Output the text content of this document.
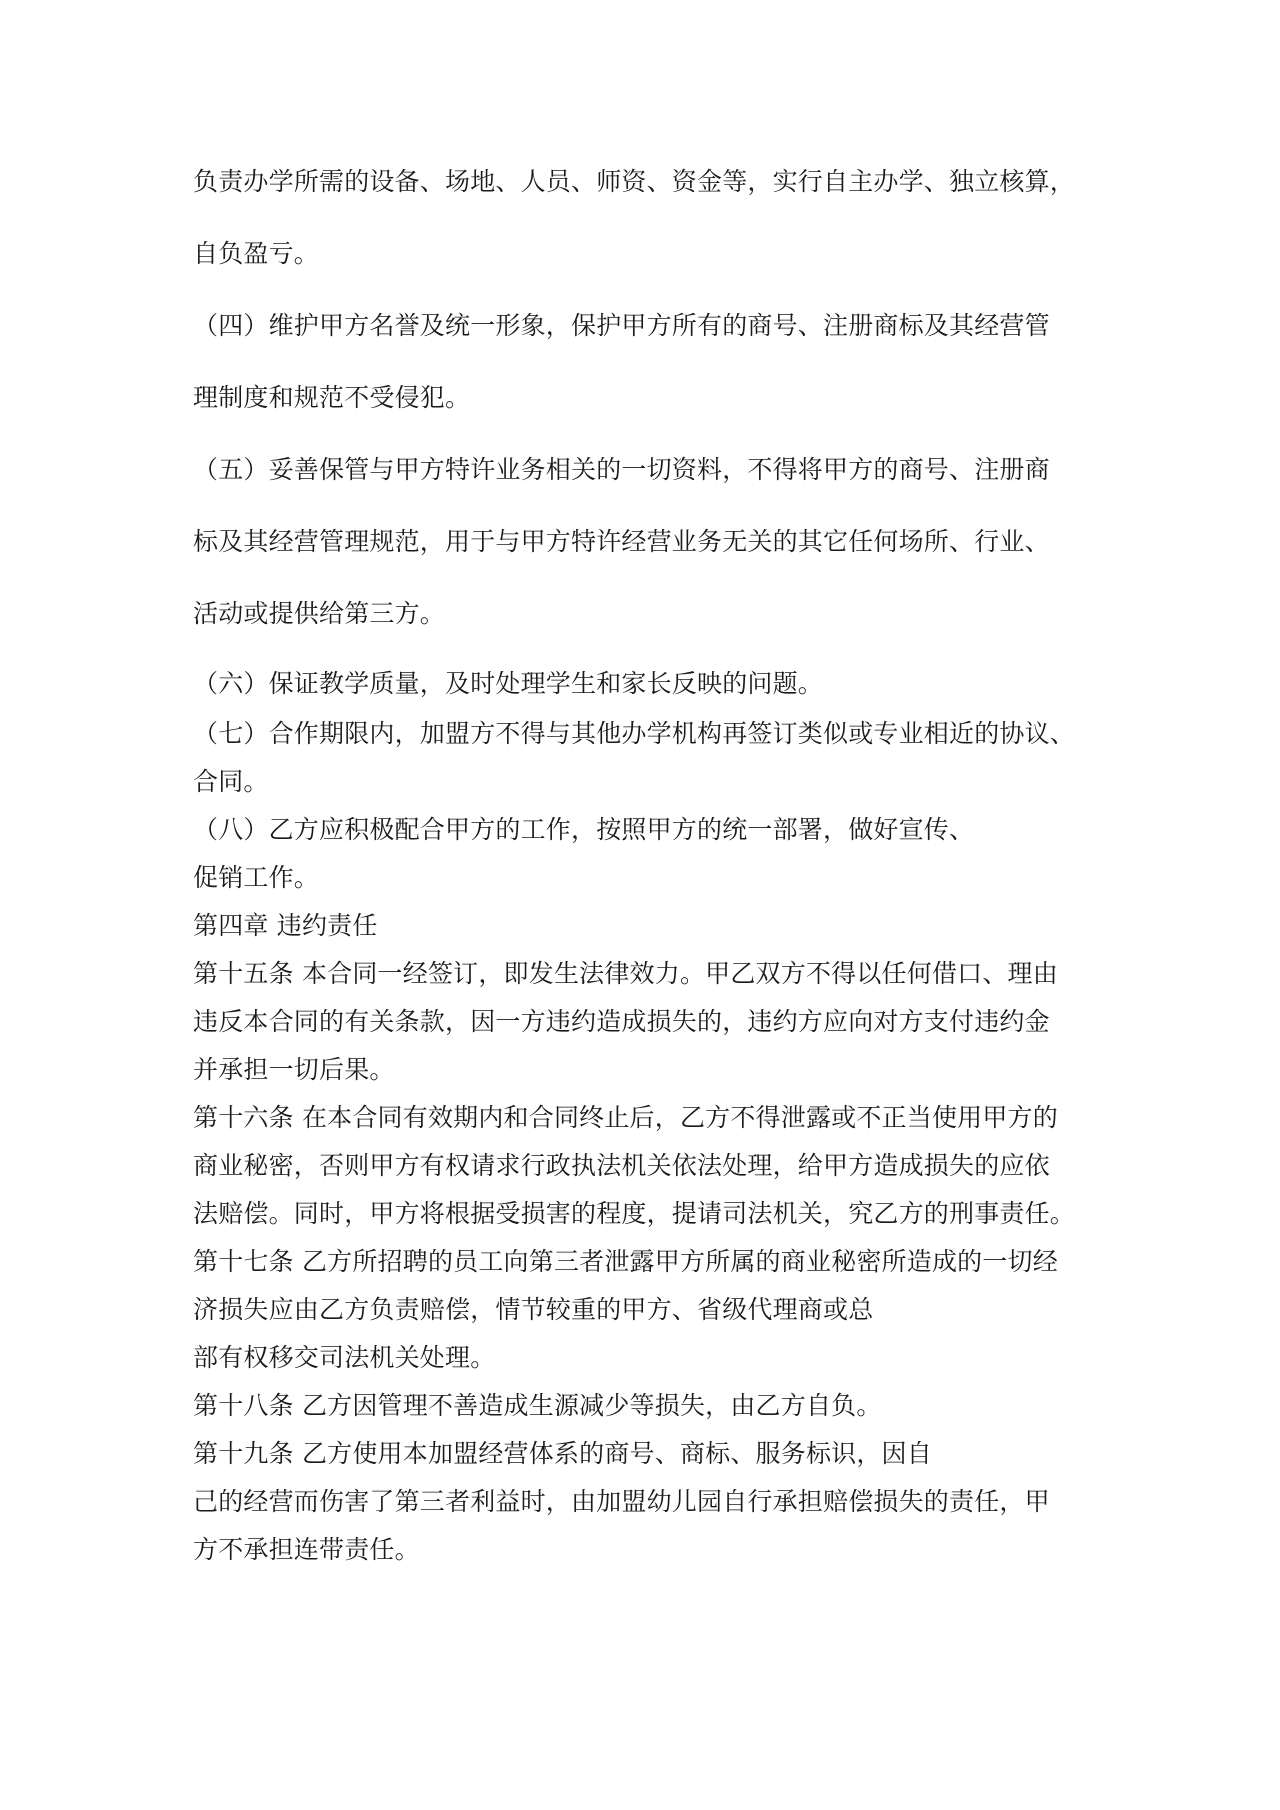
负责办学所需的设备、场地、人员、师资、资金等，实行自主办学、独立核算，
自负盈亏。
（四）维护甲方名誉及统一形象，保护甲方所有的商号、注册商标及其经营管
理制度和规范不受侵犯。
（五）妥善保管与甲方特许业务相关的一切资料，不得将甲方的商号、注册商
标及其经营管理规范，用于与甲方特许经营业务无关的其它任何场所、行业、
活动或提供给第三方。
（六）保证教学质量，及时处理学生和家长反映的问题。
（七）合作期限内，加盟方不得与其他办学机构再签订类似或专业相近的协议、
合同。
（八）乙方应积极配合甲方的工作，按照甲方的统一部署，做好宣传、
促销工作。
第四章 违约责任
第十五条 本合同一经签订，即发生法律效力。甲乙双方不得以任何借口、理由
违反本合同的有关条款，因一方违约造成损失的，违约方应向对方支付违约金
并承担一切后果。
第十六条 在本合同有效期内和合同终止后，乙方不得泄露或不正当使用甲方的
商业秘密，否则甲方有权请求行政执法机关依法处理，给甲方造成损失的应依
法赔偿。同时，甲方将根据受损害的程度，提请司法机关，究乙方的刑事责任。
第十七条 乙方所招聘的员工向第三者泄露甲方所属的商业秘密所造成的一切经
济损失应由乙方负责赔偿，情节较重的甲方、省级代理商或总
部有权移交司法机关处理。
第十八条 乙方因管理不善造成生源减少等损失，由乙方自负。
第十九条 乙方使用本加盟经营体系的商号、商标、服务标识，因自
己的经营而伤害了第三者利益时，由加盟幼儿园自行承担赔偿损失的责任，甲
方不承担连带责任。
